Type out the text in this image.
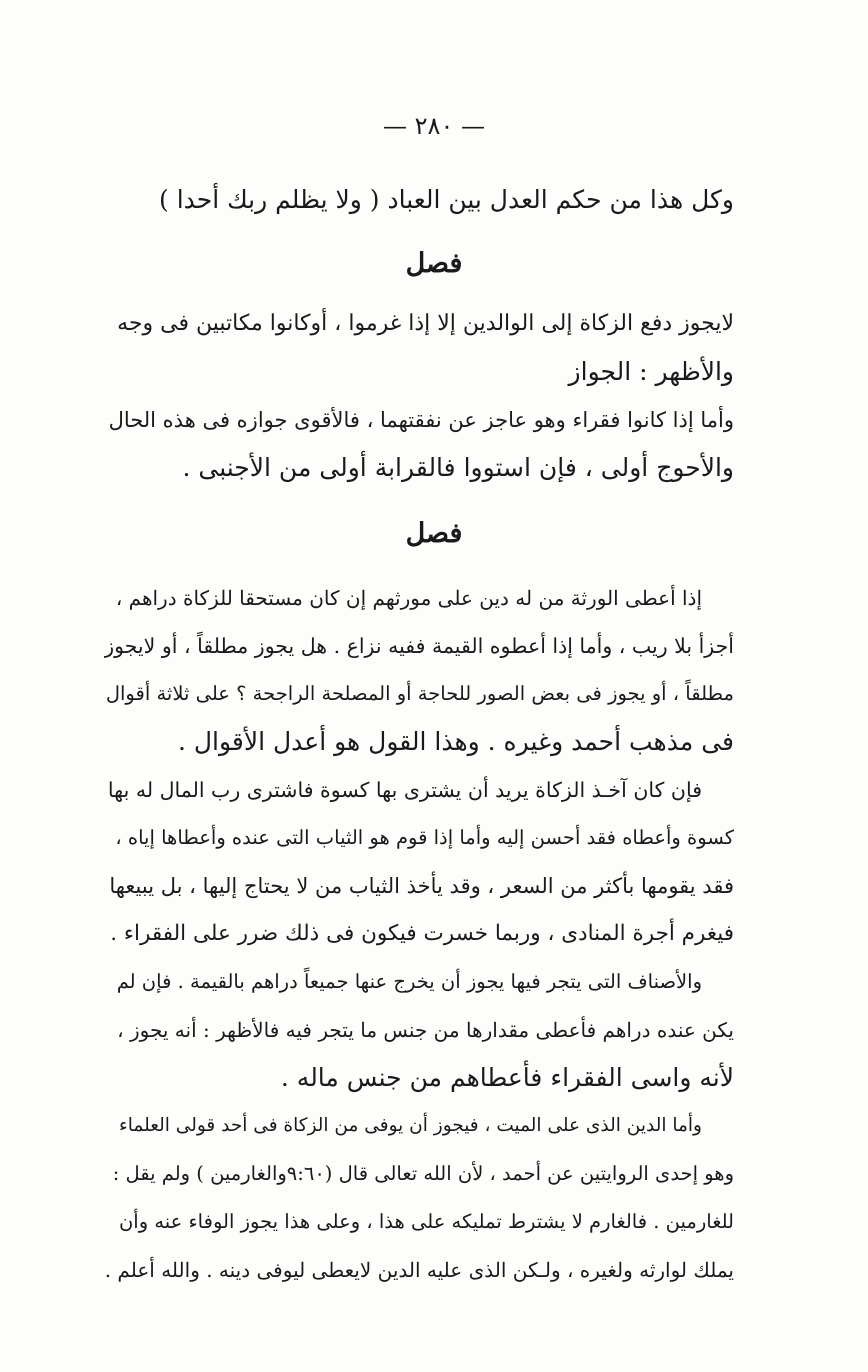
— ٢٨٠ —
وكل هذا من حكم العدل بين العباد ( ولا يظلم ربك أحدا )
فصل
لايجوز دفع الزكاة إلى الوالدين إلا إذا غرموا ، أوكانوا مكاتبين فى وجه
والأظهر : الجواز
وأما إذا كانوا فقراء وهو عاجز عن نفقتهما ، فالأقوى جوازه فى هذه الحال
والأحوج أولى ، فإن استووا فالقرابة أولى من الأجنبى .
فصل
إذا أعطى الورثة من له دين على مورثهم إن كان مستحقا للزكاة دراهم ،
أجزأ بلا ريب ، وأما إذا أعطوه القيمة ففيه نزاع . هل يجوز مطلقاً ، أو لايجوز
مطلقاً ، أو يجوز فى بعض الصور للحاجة أو المصلحة الراجحة ؟ على ثلاثة أقوال
فى مذهب أحمد وغيره . وهذا القول هو أعدل الأقوال .
فإن كان آخـذ الزكاة يريد أن يشترى بها كسوة فاشترى رب المال له بها
كسوة وأعطاه فقد أحسن إليه وأما إذا قوم هو الثياب التى عنده وأعطاها إياه ،
فقد يقومها بأكثر من السعر ، وقد يأخذ الثياب من لا يحتاج إليها ، بل يبيعها
فيغرم أجرة المنادى ، وربما خسرت فيكون فى ذلك ضرر على الفقراء .
والأصناف التى يتجر فيها يجوز أن يخرج عنها جميعاً دراهم بالقيمة . فإن لم
يكن عنده دراهم فأعطى مقدارها من جنس ما يتجر فيه فالأظهر : أنه يجوز ،
لأنه واسى الفقراء فأعطاهم من جنس ماله .
وأما الدين الذى على الميت ، فيجوز أن يوفى من الزكاة فى أحد قولى العلماء
وهو إحدى الروايتين عن أحمد ، لأن الله تعالى قال (٩:٦٠والغارمين ) ولم يقل :
للغارمين . فالغارم لا يشترط تمليكه على هذا ، وعلى هذا يجوز الوفاء عنه وأن
يملك لوارثه ولغيره ، ولـكن الذى عليه الدين لايعطى ليوفى دينه . والله أعلم .
